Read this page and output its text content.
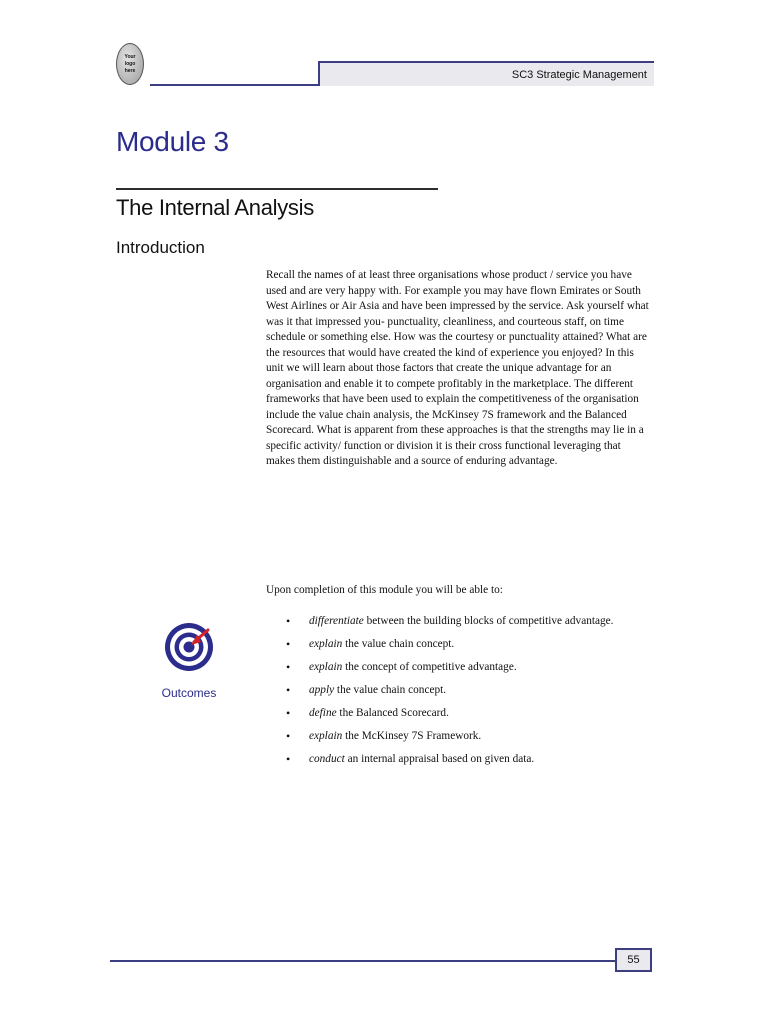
Your logo here	SC3 Strategic Management
Module 3
The Internal Analysis
Introduction

Recall the names of at least three organisations whose product / service you have used and are very happy with. For example you may have flown Emirates or South West Airlines or Air Asia and have been impressed by the service. Ask yourself what was it that impressed you- punctuality, cleanliness, and courteous staff, on time schedule or something else. How was the courtesy or punctuality attained? What are the resources that would have created the kind of experience you enjoyed? In this unit we will learn about those factors that create the unique advantage for an organisation and enable it to compete profitably in the marketplace. The different frameworks that have been used to explain the competitiveness of the organisation include the value chain analysis, the McKinsey 7S framework and the Balanced Scorecard. What is apparent from these approaches is that the strengths may lie in a specific activity/ function or division it is their cross functional leveraging that makes them distinguishable and a source of enduring advantage.

Upon completion of this module you will be able to:

Outcomes
• differentiate between the building blocks of competitive advantage.
• explain the value chain concept.
• explain the concept of competitive advantage.
• apply the value chain concept.
• define the Balanced Scorecard.
• explain the McKinsey 7S Framework.
• conduct an internal appraisal based on given data.
55
